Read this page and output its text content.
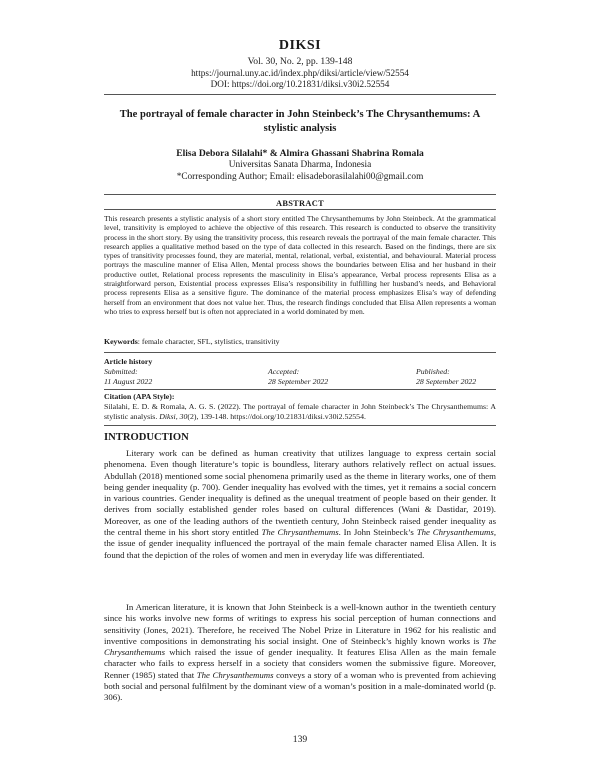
DIKSI
Vol. 30, No. 2, pp. 139-148
https://journal.uny.ac.id/index.php/diksi/article/view/52554
DOI: https://doi.org/10.21831/diksi.v30i2.52554
The portrayal of female character in John Steinbeck’s The Chrysanthemums: A stylistic analysis
Elisa Debora Silalahi* & Almira Ghassani Shabrina Romala
Universitas Sanata Dharma, Indonesia
*Corresponding Author; Email: elisadeborasilalahi00@gmail.com
ABSTRACT

This research presents a stylistic analysis of a short story entitled The Chrysanthemums by John Steinbeck. At the grammatical level, transitivity is employed to achieve the objective of this research. This research is conducted to observe the transitivity process in the short story. By using the transitivity process, this research reveals the portrayal of the main female character. This research applies a qualitative method based on the type of data collected in this research. Based on the findings, there are six types of transitivity processes found, they are material, mental, relational, verbal, existential, and behavioural. Material process portrays the masculine manner of Elisa Allen, Mental process shows the boundaries between Elisa and her husband in their productive outlet, Relational process represents the masculinity in Elisa’s appearance, Verbal process represents Elisa as a straightforward person, Existential process expresses Elisa’s responsibility in fulfilling her husband’s needs, and Behavioral process represents Elisa as a sensitive figure. The dominance of the material process emphasizes Elisa’s way of defending herself from an environment that does not value her. Thus, the research findings concluded that Elisa Allen represents a woman who tries to express herself but is often not appreciated in a world dominated by men.

Keywords: female character, SFL, stylistics, transitivity
Article history
Submitted:
11 August 2022
Accepted:
28 September 2022
Published:
28 September 2022
Citation (APA Style):

Silalahi, E. D. & Romala, A. G. S. (2022). The portrayal of female character in John Steinbeck’s The Chrysanthemums: A stylistic analysis. Diksi, 30(2), 139-148. https://doi.org/10.21831/diksi.v30i2.52554.

INTRODUCTION

Literary work can be defined as human creativity that utilizes language to express certain social phenomena. Even though literature’s topic is boundless, literary authors relatively reflect on actual issues. Abdullah (2018) mentioned some social phenomena primarily used as the theme in literary works, one of them being gender inequality (p. 700). Gender inequality has evolved with the times, yet it remains a social concern in various countries. Gender inequality is defined as the unequal treatment of people based on their gender. It derives from socially established gender roles based on cultural differences (Wani & Dastidar, 2019). Moreover, as one of the leading authors of the twentieth century, John Steinbeck raised gender inequality as the central theme in his short story entitled The Chrysanthemums. In John Steinbeck’s The Chrysanthemums, the issue of gender inequality influenced the portrayal of the main female character named Elisa Allen. It is found that the depiction of the roles of women and men in everyday life was differentiated.

In American literature, it is known that John Steinbeck is a well-known author in the twentieth century since his works involve new forms of writings to express his social perception of human connections and sensitivity (Jones, 2021). Therefore, he received The Nobel Prize in Literature in 1962 for his realistic and inventive compositions in demonstrating his social insight. One of Steinbeck’s highly known works is The Chrysanthemums which raised the issue of gender inequality. It features Elisa Allen as the main female character who fails to express herself in a society that considers women the submissive figure. Moreover, Renner (1985) stated that The Chrysanthemums conveys a story of a woman who is prevented from achieving both social and personal fulfilment by the dominant view of a woman’s position in a male-dominated world (p. 306).

139
